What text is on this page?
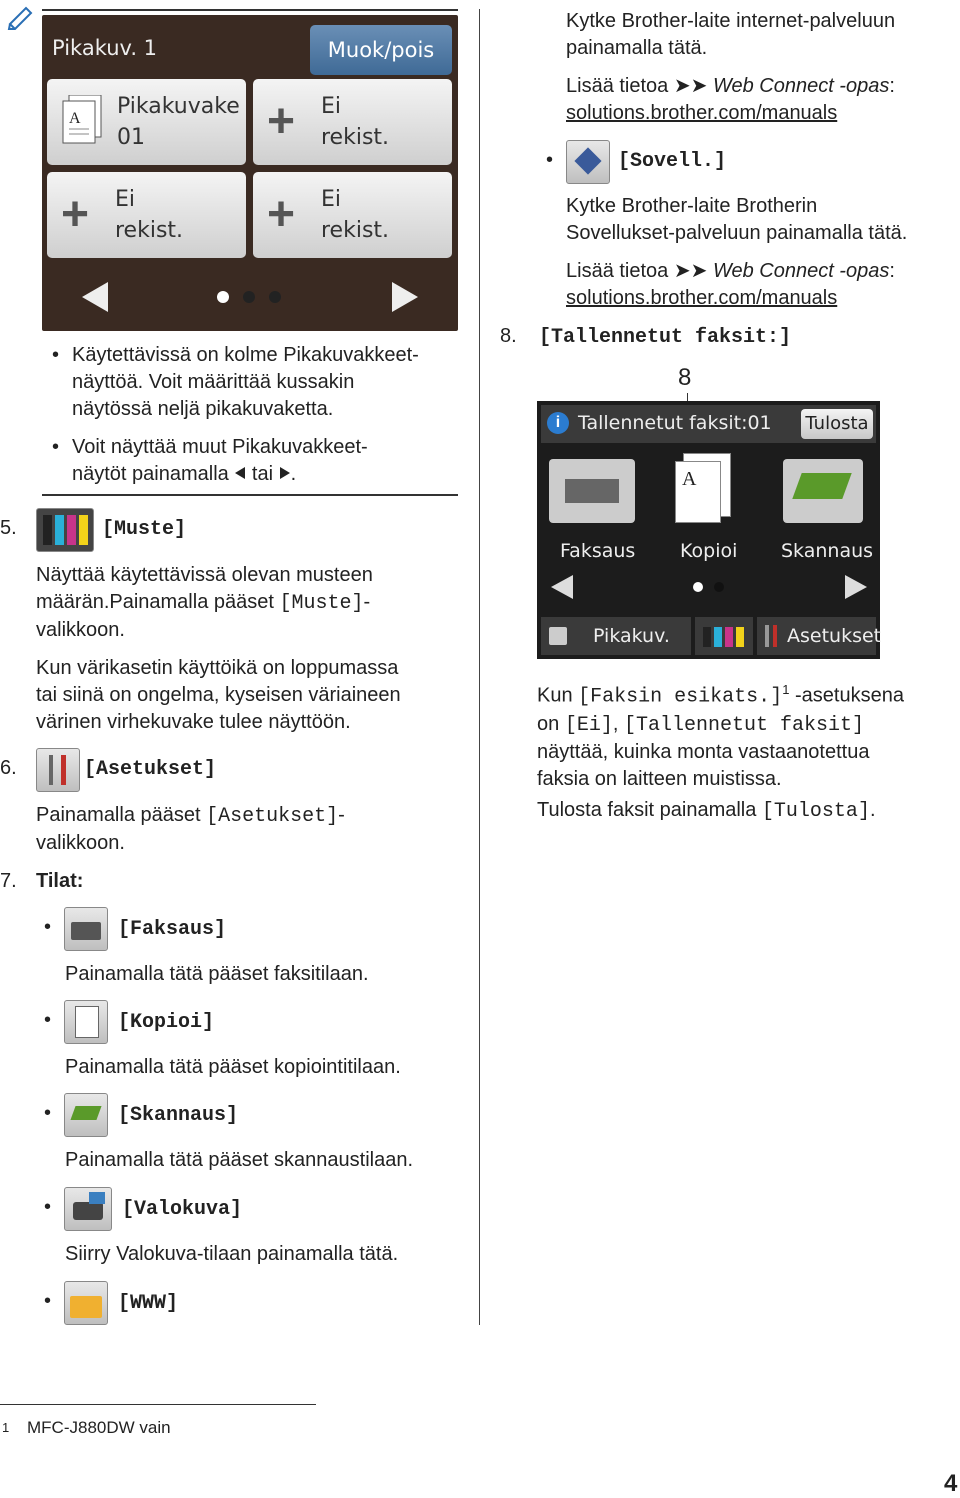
Pikakuv. 1	Muok/pois
A Pikakuvake
01	+ Ei
rekist.
+ Ei
rekist. + Ei
rekist.
• Käytettävissä on kolme Pikakuvakkeet-
näyttöä. Voit määrittää kussakin
näytössä neljä pikakuvaketta.
• Voit näyttää muut Pikakuvakkeet-
näytöt painamalla  tai .
5.	[Muste]
Näyttää käytettävissä olevan musteen
määrän.Painamalla pääset [Muste]-
valikkoon.
Kun värikasetin käyttöikä on loppumassa
tai siinä on ongelma, kyseisen väriaineen
värinen virhekuvake tulee näyttöön.
6.	[Asetukset]
Painamalla pääset [Asetukset]-
valikkoon.
7. Tilat:
•	[Faksaus]
Painamalla tätä pääset faksitilaan.
•	[Kopioi]
Painamalla tätä pääset kopiointitilaan.
•	[Skannaus]
Painamalla tätä pääset skannaustilaan.
•	[Valokuva]
Siirry Valokuva-tilaan painamalla tätä.
•	[WWW]
Kytke Brother-laite internet-palveluun
painamalla tätä.
Lisää tietoa ➤➤ Web Connect -opas:
solutions.brother.com/manuals
•	[Sovell.]
Kytke Brother-laite Brotherin
Sovellukset-palveluun painamalla tätä.
Lisää tietoa ➤➤ Web Connect -opas:
solutions.brother.com/manuals
8. [Tallennetut faksit:]
8
i Tallennetut faksit:01 Tulosta
A
Faksaus Kopioi Skannaus
Pikakuv.	Asetukset
Kun [Faksin esikats.]$^1$ -asetuksena
on [Ei], [Tallennetut faksit]
näyttää, kuinka monta vastaanotettua
faksia on laitteen muistissa.
Tulosta faksit painamalla [Tulosta].
1 MFC-J880DW vain
4
